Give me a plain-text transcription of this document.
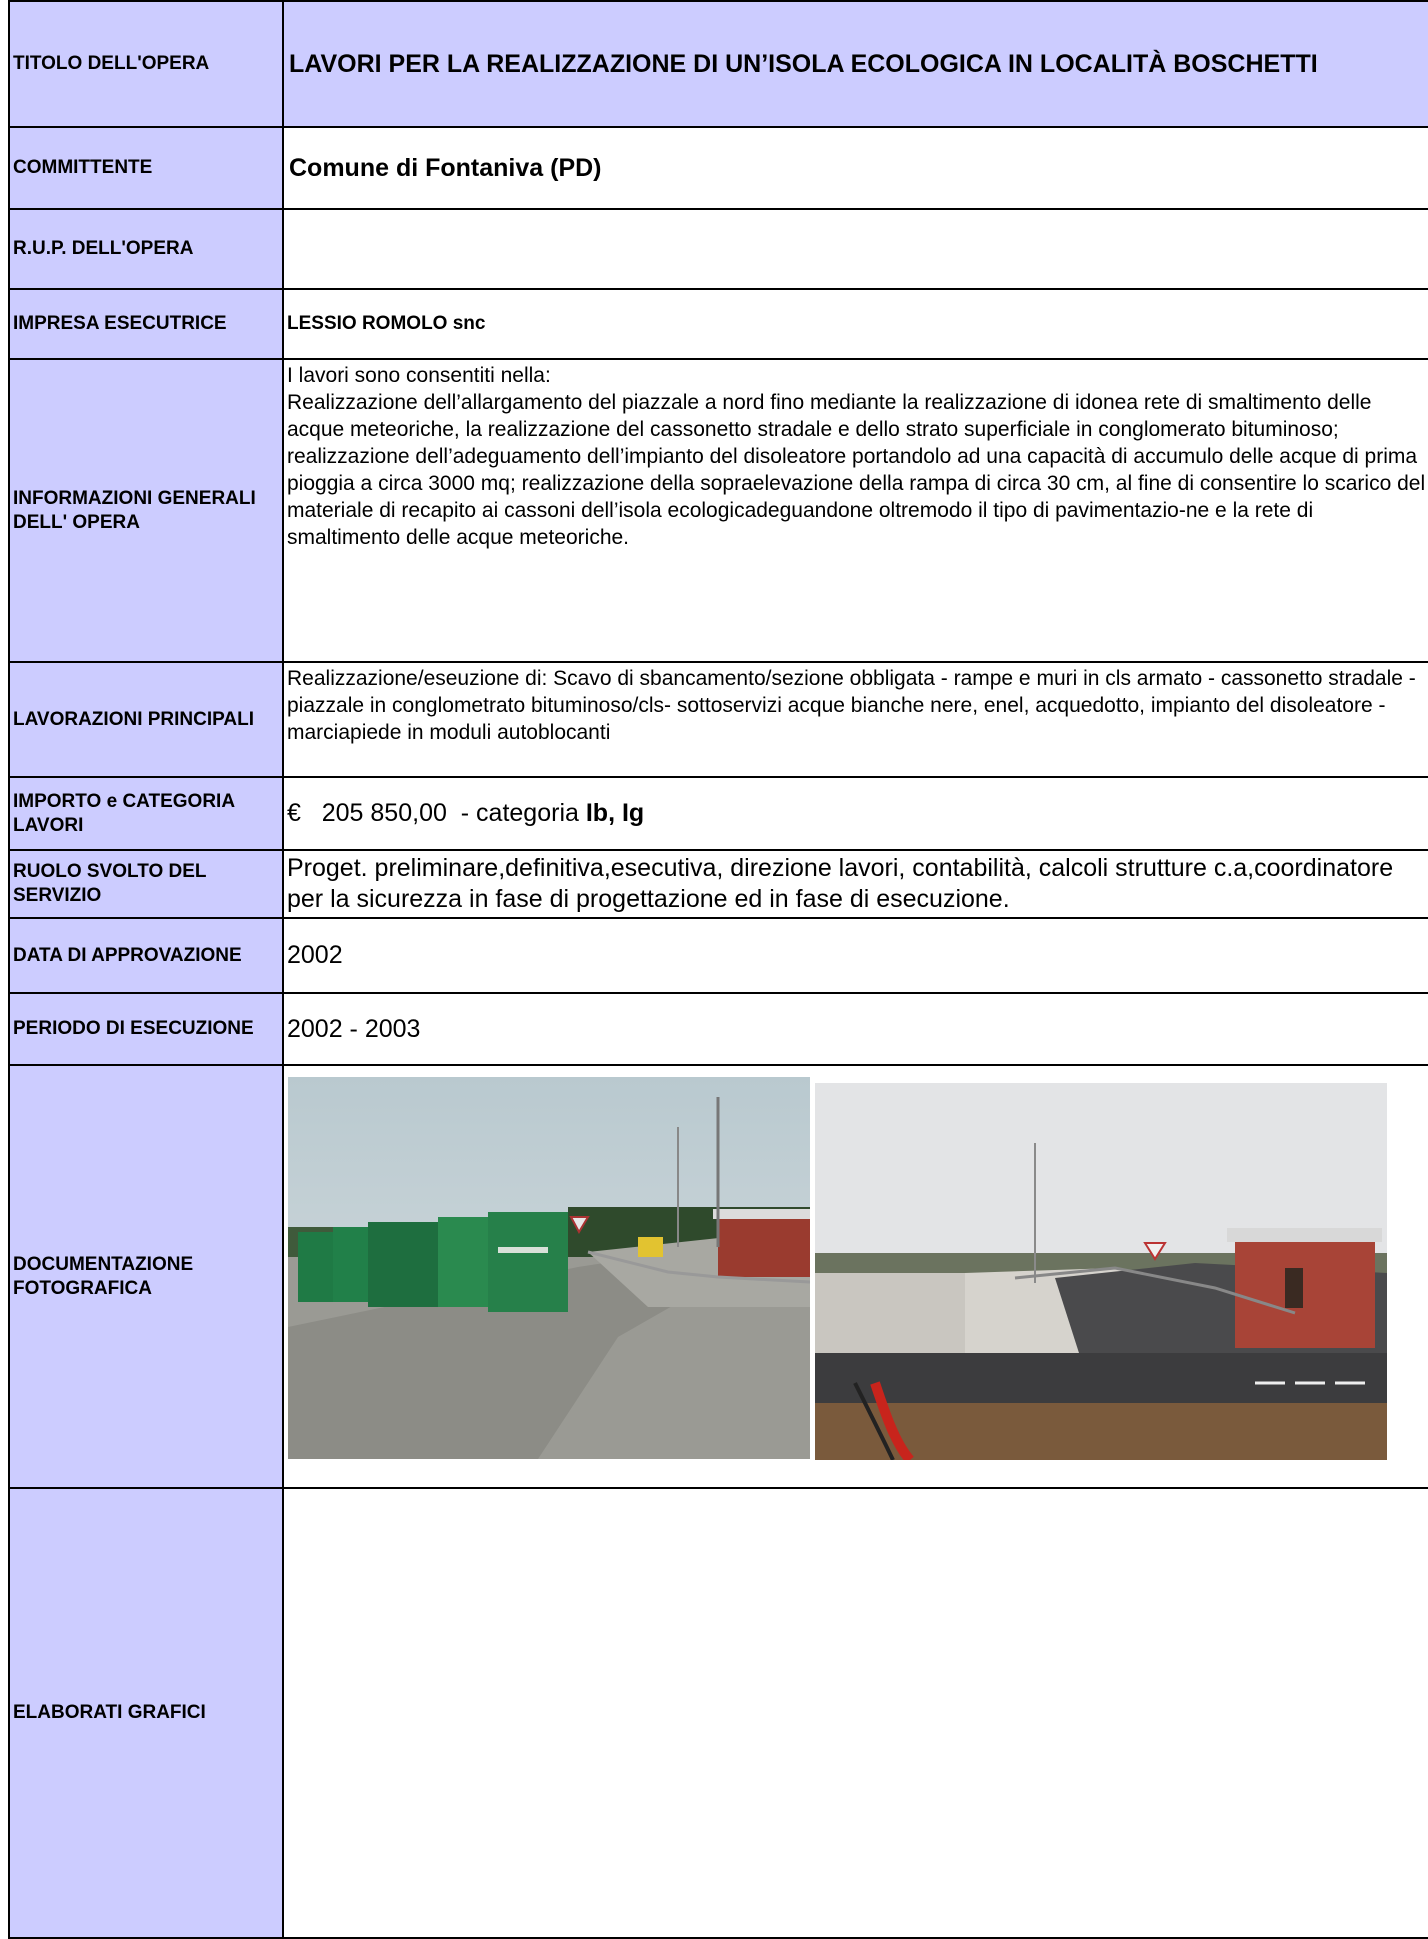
TITOLO DELL'OPERA	LAVORI PER LA REALIZZAZIONE DI UN’ISOLA ECOLOGICA IN LOCALITÀ BOSCHETTI
COMMITTENTE	Comune di Fontaniva (PD)
R.U.P. DELL'OPERA	
IMPRESA ESECUTRICE	LESSIO ROMOLO snc
INFORMAZIONI GENERALI DELL' OPERA	I lavori sono consentiti nella:
Realizzazione dell’allargamento del piazzale a nord fino mediante la realizzazione di idonea rete di smaltimento delle acque meteoriche, la realizzazione del cassonetto stradale e dello strato superficiale in conglomerato bituminoso; realizzazione dell’adeguamento dell’impianto del disoleatore portandolo ad una capacità di accumulo delle acque di prima pioggia a circa 3000 mq; realizzazione della sopraelevazione della rampa di circa 30 cm, al fine di consentire lo scarico del materiale di recapito ai cassoni dell’isola ecologicadeguandone oltremodo il tipo di pavimentazio-ne e la rete di smaltimento delle acque meteoriche.

LAVORAZIONI PRINCIPALI	Realizzazione/eseuzione di: Scavo di sbancamento/sezione obbligata - rampe e muri in cls armato - cassonetto stradale - piazzale in conglometrato bituminoso/cls- sottoservizi acque bianche nere, enel, acquedotto, impianto del disoleatore - marciapiede in moduli autoblocanti
IMPORTO e CATEGORIA LAVORI	€ 205 850,00 - categoria Ib, Ig
RUOLO SVOLTO DEL SERVIZIO	Proget. preliminare,definitiva,esecutiva, direzione lavori, contabilità, calcoli strutture c.a,coordinatore per la sicurezza in fase di progettazione ed in fase di esecuzione.
DATA DI APPROVAZIONE	2002
PERIODO DI ESECUZIONE	2002 - 2003
DOCUMENTAZIONE FOTOGRAFICA	

ELABORATI GRAFICI	
